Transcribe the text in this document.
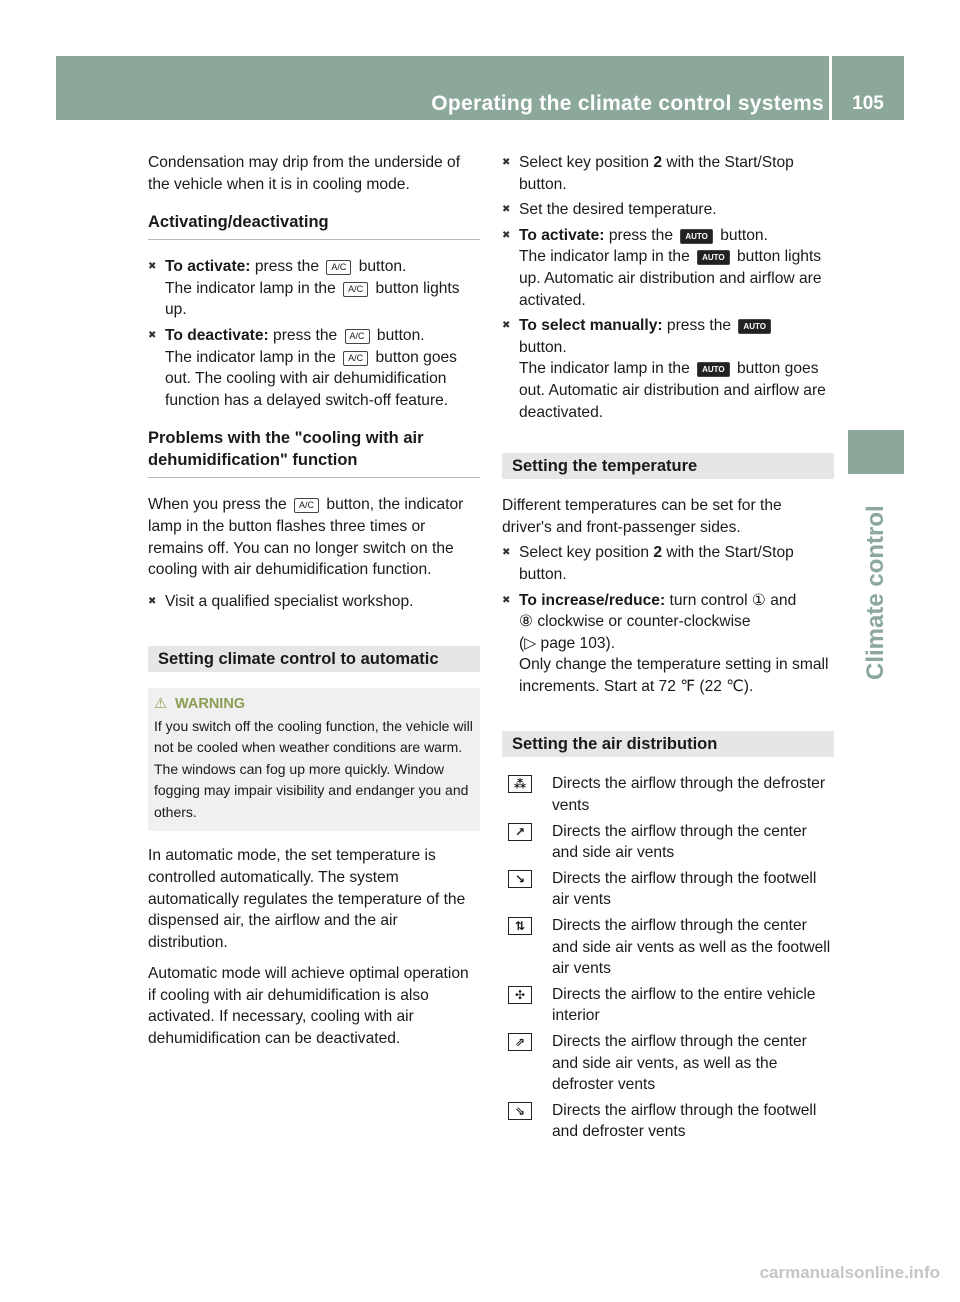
Operating the climate control systems	105
Climate control

Condensation may drip from the underside of the vehicle when it is in cooling mode.

Activating/deactivating
✖ To activate: press the A/C button.
The indicator lamp in the A/C button lights up.
✖ To deactivate: press the A/C button.
The indicator lamp in the A/C button goes out. The cooling with air dehumidification function has a delayed switch-off feature.
Problems with the "cooling with air dehumidification" function

When you press the A/C button, the indicator lamp in the button flashes three times or remains off. You can no longer switch on the cooling with air dehumidification function.

✖ Visit a qualified specialist workshop.
Setting climate control to automatic
⚠ WARNING
If you switch off the cooling function, the vehicle will not be cooled when weather conditions are warm. The windows can fog up more quickly. Window fogging may impair visibility and endanger you and others.

In automatic mode, the set temperature is controlled automatically. The system automatically regulates the temperature of the dispensed air, the airflow and the air distribution.

Automatic mode will achieve optimal operation if cooling with air dehumidification is also activated. If necessary, cooling with air dehumidification can be deactivated.

✖ Select key position 2 with the Start/Stop button.
✖ Set the desired temperature.
✖ To activate: press the AUTO button.
The indicator lamp in the AUTO button lights up. Automatic air distribution and airflow are activated.
✖ To select manually: press the AUTO
button.
The indicator lamp in the AUTO button goes out. Automatic air distribution and airflow are deactivated.
Setting the temperature

Different temperatures can be set for the driver's and front-passenger sides.

✖ Select key position 2 with the Start/Stop button.
✖ To increase/reduce: turn control ① and
⑧ clockwise or counter-clockwise
(▷ page 103).
Only change the temperature setting in small increments. Start at 72 ℉ (22 ℃).
Setting the air distribution
⁂	Directs the airflow through the defroster vents
↗	Directs the airflow through the center and side air vents
↘	Directs the airflow through the footwell air vents
⇅	Directs the airflow through the center and side air vents as well as the footwell air vents
✣	Directs the airflow to the entire vehicle interior
⇗	Directs the airflow through the center and side air vents, as well as the defroster vents
⇘	Directs the airflow through the footwell and defroster vents
carmanualsonline.info
